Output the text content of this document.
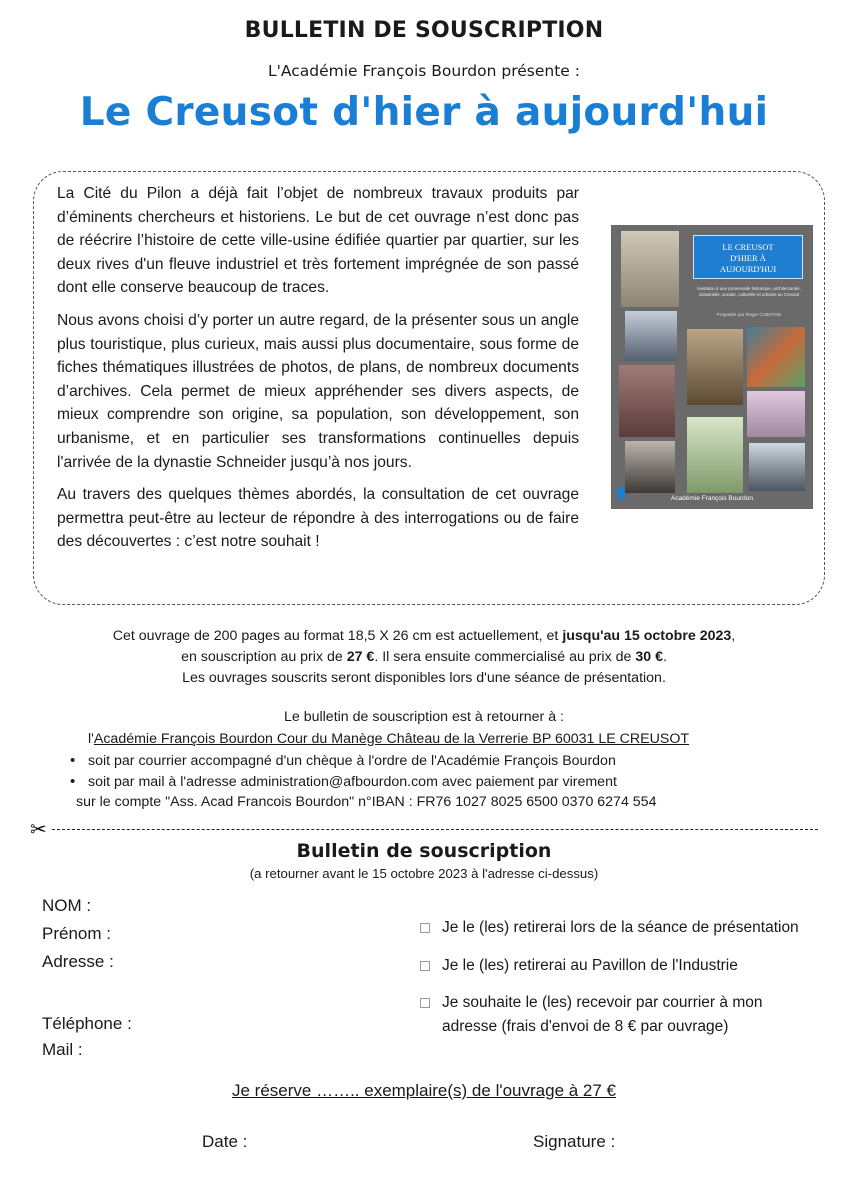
BULLETIN DE SOUSCRIPTION
L'Académie François Bourdon présente :
Le Creusot d'hier à aujourd'hui

La Cité du Pilon a déjà fait l’objet de nombreux travaux produits par d’éminents chercheurs et historiens. Le but de cet ouvrage n’est donc pas de réécrire l’histoire de cette ville-usine édifiée quartier par quartier, sur les deux rives d'un fleuve industriel et très fortement imprégnée de son passé dont elle conserve beaucoup de traces.

Nous avons choisi d’y porter un autre regard, de la présenter sous un angle plus touristique, plus curieux, mais aussi plus documentaire, sous forme de fiches thématiques illustrées de photos, de plans, de nombreux documents d’archives. Cela permet de mieux appréhender ses divers aspects, de mieux comprendre son origine, sa population, son développement, son urbanisme, et en particulier ses transformations continuelles depuis l'arrivée de la dynastie Schneider jusqu’à nos jours.

Au travers des quelques thèmes abordés, la consultation de cet ouvrage permettra peut-être au lecteur de répondre à des interrogations ou de faire des découvertes : c’est notre souhait !

LE CREUSOT
D'HIER À
AUJOURD'HUI
Invitation à une promenade historique, architecturale, industrielle, sociale, culturelle et urbaine au Creusot
Proposée par Roger CABATON
Académie François Bourdon
Cet ouvrage de 200 pages au format 18,5 X 26 cm est actuellement, et jusqu'au 15 octobre 2023,
en souscription au prix de 27 €. Il sera ensuite commercialisé au prix de 30 €.
Les ouvrages souscrits seront disponibles lors d'une séance de présentation.
Le bulletin de souscription est à retourner à :
l'Académie François Bourdon Cour du Manège Château de la Verrerie BP 60031 LE CREUSOT
• soit par courrier accompagné d'un chèque à l'ordre de l'Académie François Bourdon
• soit par mail à l'adresse administration@afbourdon.com avec paiement par virement
sur le compte "Ass. Acad Francois Bourdon" n°IBAN : FR76 1027 8025 6500 0370 6274 554
✂
Bulletin de souscription
(a retourner avant le 15 octobre 2023 à l'adresse ci-dessus)
NOM :
Prénom :
Adresse :
Téléphone :
Mail :
Je le (les) retirerai lors de la séance de présentation
Je le (les) retirerai au Pavillon de l'Industrie
Je souhaite le (les) recevoir par courrier à mon adresse (frais d'envoi de 8 € par ouvrage)
Je réserve …….. exemplaire(s) de l'ouvrage à 27 €
Date :	Signature :
